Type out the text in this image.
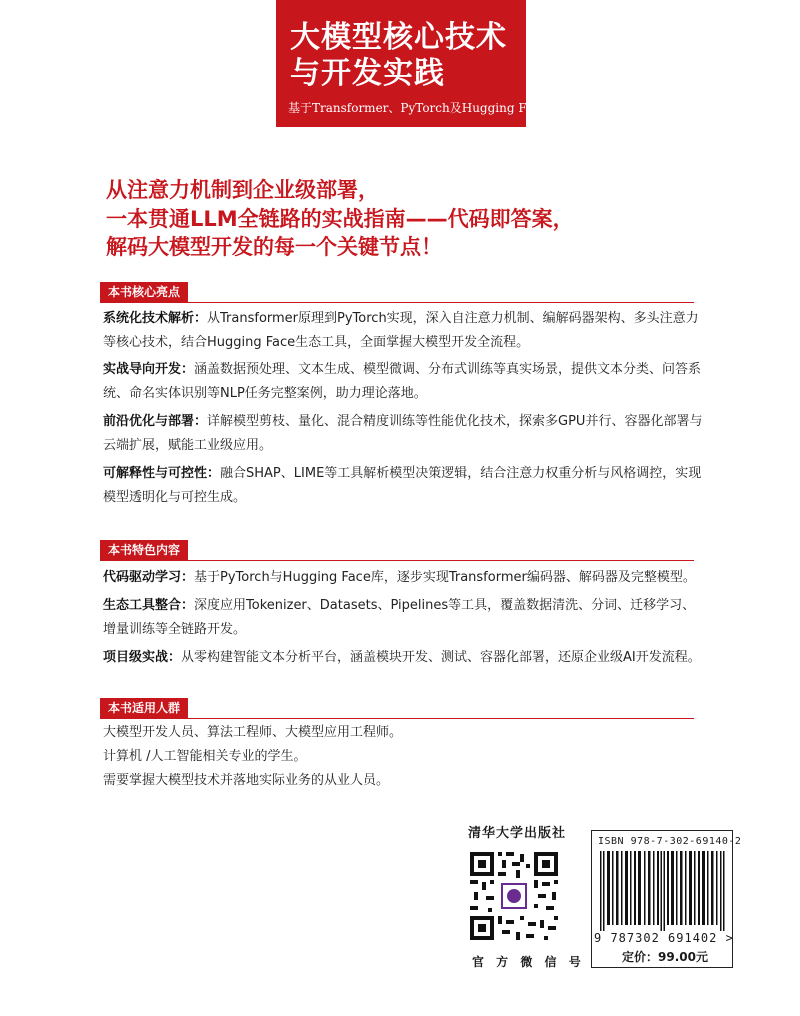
大模型核心技术
与开发实践
基于Transformer、PyTorch及Hugging Face
从注意力机制到企业级部署，
一本贯通LLM全链路的实战指南——代码即答案，
解码大模型开发的每一个关键节点！
本书核心亮点
系统化技术解析：从Transformer原理到PyTorch实现，深入自注意力机制、编解码器架构、多头注意力等核心技术，结合Hugging Face生态工具，全面掌握大模型开发全流程。
实战导向开发：涵盖数据预处理、文本生成、模型微调、分布式训练等真实场景，提供文本分类、问答系统、命名实体识别等NLP任务完整案例，助力理论落地。
前沿优化与部署：详解模型剪枝、量化、混合精度训练等性能优化技术，探索多GPU并行、容器化部署与云端扩展，赋能工业级应用。
可解释性与可控性：融合SHAP、LIME等工具解析模型决策逻辑，结合注意力权重分析与风格调控，实现模型透明化与可控生成。
本书特色内容
代码驱动学习：基于PyTorch与Hugging Face库，逐步实现Transformer编码器、解码器及完整模型。
生态工具整合：深度应用Tokenizer、Datasets、Pipelines等工具，覆盖数据清洗、分词、迁移学习、增量训练等全链路开发。
项目级实战：从零构建智能文本分析平台，涵盖模块开发、测试、容器化部署，还原企业级AI开发流程。
本书适用人群
大模型开发人员、算法工程师、大模型应用工程师。
计算机 /人工智能相关专业的学生。
需要掌握大模型技术并落地实际业务的从业人员。
清华大学出版社
官 方 微 信 号
ISBN 978-7-302-69140-2
9 787302 691402 >
定价：99.00元
